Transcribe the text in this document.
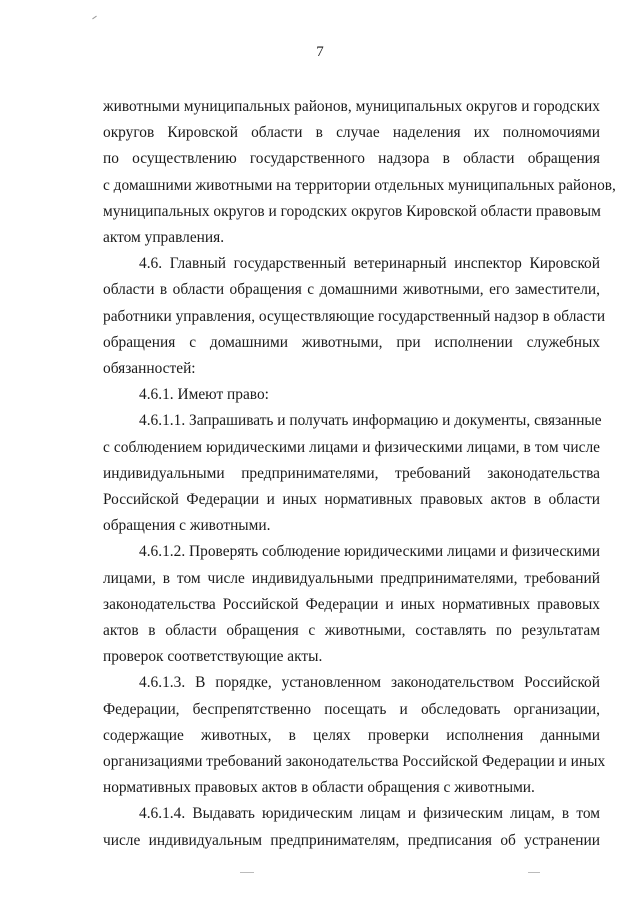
7
животными муниципальных районов, муниципальных округов и городских
округов Кировской области в случае наделения их полномочиями
по осуществлению государственного надзора в области обращения
с домашними животными на территории отдельных муниципальных районов,
муниципальных округов и городских округов Кировской области правовым
актом управления.
4.6. Главный государственный ветеринарный инспектор Кировской
области в области обращения с домашними животными, его заместители,
работники управления, осуществляющие государственный надзор в области
обращения с домашними животными, при исполнении служебных
обязанностей:
4.6.1. Имеют право:
4.6.1.1. Запрашивать и получать информацию и документы, связанные
с соблюдением юридическими лицами и физическими лицами, в том числе
индивидуальными предпринимателями, требований законодательства
Российской Федерации и иных нормативных правовых актов в области
обращения с животными.
4.6.1.2. Проверять соблюдение юридическими лицами и физическими
лицами, в том числе индивидуальными предпринимателями, требований
законодательства Российской Федерации и иных нормативных правовых
актов в области обращения с животными, составлять по результатам
проверок соответствующие акты.
4.6.1.3. В порядке, установленном законодательством Российской
Федерации, беспрепятственно посещать и обследовать организации,
содержащие животных, в целях проверки исполнения данными
организациями требований законодательства Российской Федерации и иных
нормативных правовых актов в области обращения с животными.
4.6.1.4. Выдавать юридическим лицам и физическим лицам, в том
числе индивидуальным предпринимателям, предписания об устранении
